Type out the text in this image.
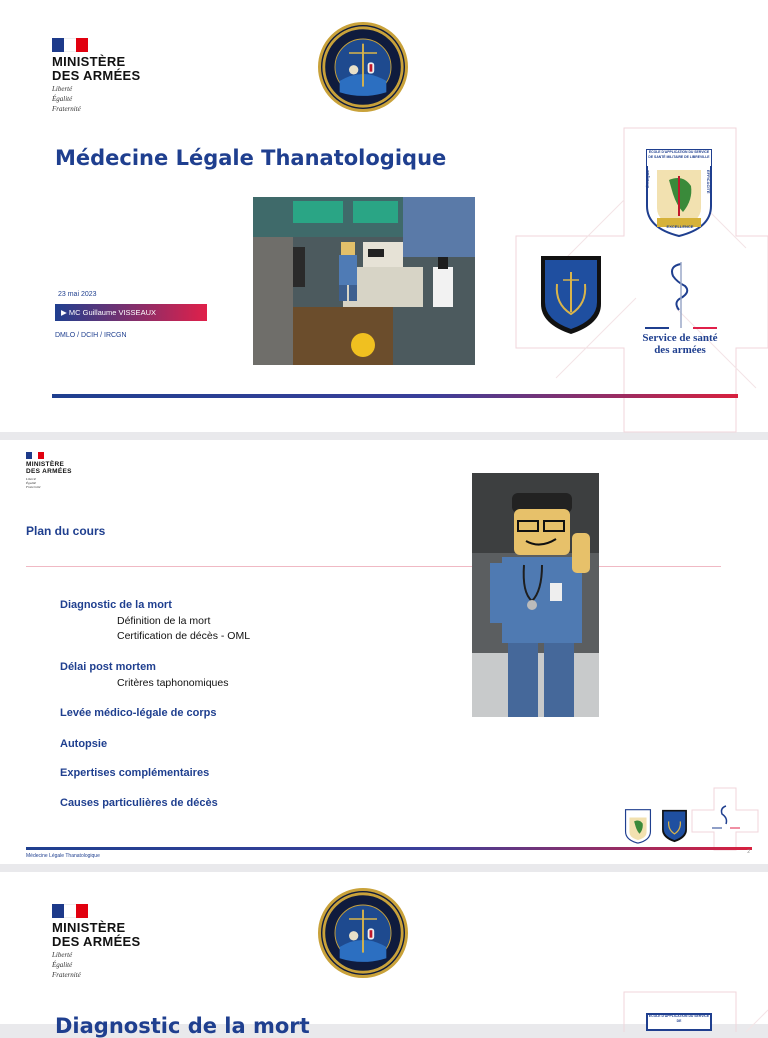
MINISTÈRE
DES ARMÉES
Liberté
Égalité
Fraternité
Médecine Légale Thanatologique
23 mai 2023
▶ MC Guillaume VISSEAUX
DMLO / DCIH / IRCGN
ÉCOLE D'APPLICATION DU SERVICE DE SANTÉ MILITAIRE DE LIBREVILLE
ÉTHIQUE	EFFICACITÉ
EXCELLENCE
Service de santé
des armées
MINISTÈRE
DES ARMÉES
Liberté
Égalité
Fraternité
Plan du cours
Diagnostic de la mort
Définition de la mort
Certification de décès - OML
Délai post mortem
Critères taphonomiques
Levée médico-légale de corps
Autopsie
Expertises complémentaires
Causes particulières de décès
Médecine Légale Thanatologique
2
MINISTÈRE
DES ARMÉES
Liberté
Égalité
Fraternité
ÉCOLE D'APPLICATION DU SERVICE DE
Diagnostic de la mort
